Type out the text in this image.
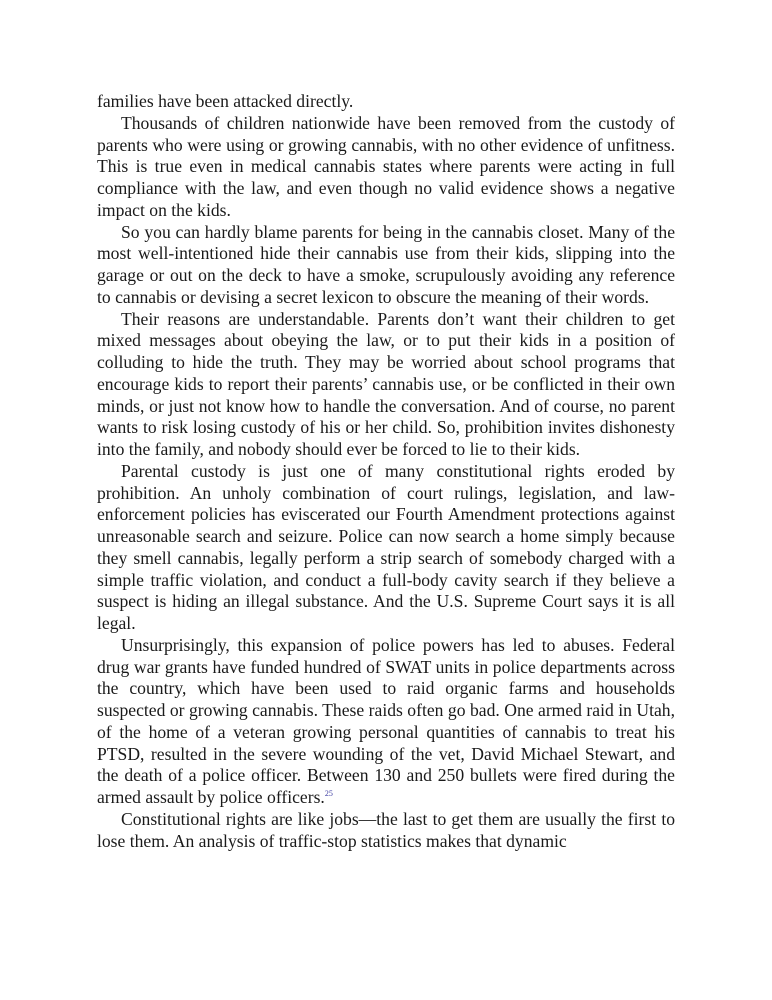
families have been attacked directly.

Thousands of children nationwide have been removed from the custody of parents who were using or growing cannabis, with no other evidence of unfitness. This is true even in medical cannabis states where parents were acting in full compliance with the law, and even though no valid evidence shows a negative impact on the kids.

So you can hardly blame parents for being in the cannabis closet. Many of the most well-intentioned hide their cannabis use from their kids, slipping into the garage or out on the deck to have a smoke, scrupulously avoiding any reference to cannabis or devising a secret lexicon to obscure the meaning of their words.

Their reasons are understandable. Parents don’t want their children to get mixed messages about obeying the law, or to put their kids in a position of colluding to hide the truth. They may be worried about school programs that encourage kids to report their parents’ cannabis use, or be conflicted in their own minds, or just not know how to handle the conversation. And of course, no parent wants to risk losing custody of his or her child. So, prohibition invites dishonesty into the family, and nobody should ever be forced to lie to their kids.

Parental custody is just one of many constitutional rights eroded by prohibition. An unholy combination of court rulings, legislation, and law-enforcement policies has eviscerated our Fourth Amendment protections against unreasonable search and seizure. Police can now search a home simply because they smell cannabis, legally perform a strip search of somebody charged with a simple traffic violation, and conduct a full-body cavity search if they believe a suspect is hiding an illegal substance. And the U.S. Supreme Court says it is all legal.

Unsurprisingly, this expansion of police powers has led to abuses. Federal drug war grants have funded hundred of SWAT units in police departments across the country, which have been used to raid organic farms and households suspected or growing cannabis. These raids often go bad. One armed raid in Utah, of the home of a veteran growing personal quantities of cannabis to treat his PTSD, resulted in the severe wounding of the vet, David Michael Stewart, and the death of a police officer. Between 130 and 250 bullets were fired during the armed assault by police officers.$^{25}$

Constitutional rights are like jobs—the last to get them are usually the first to lose them. An analysis of traffic-stop statistics makes that dynamic
